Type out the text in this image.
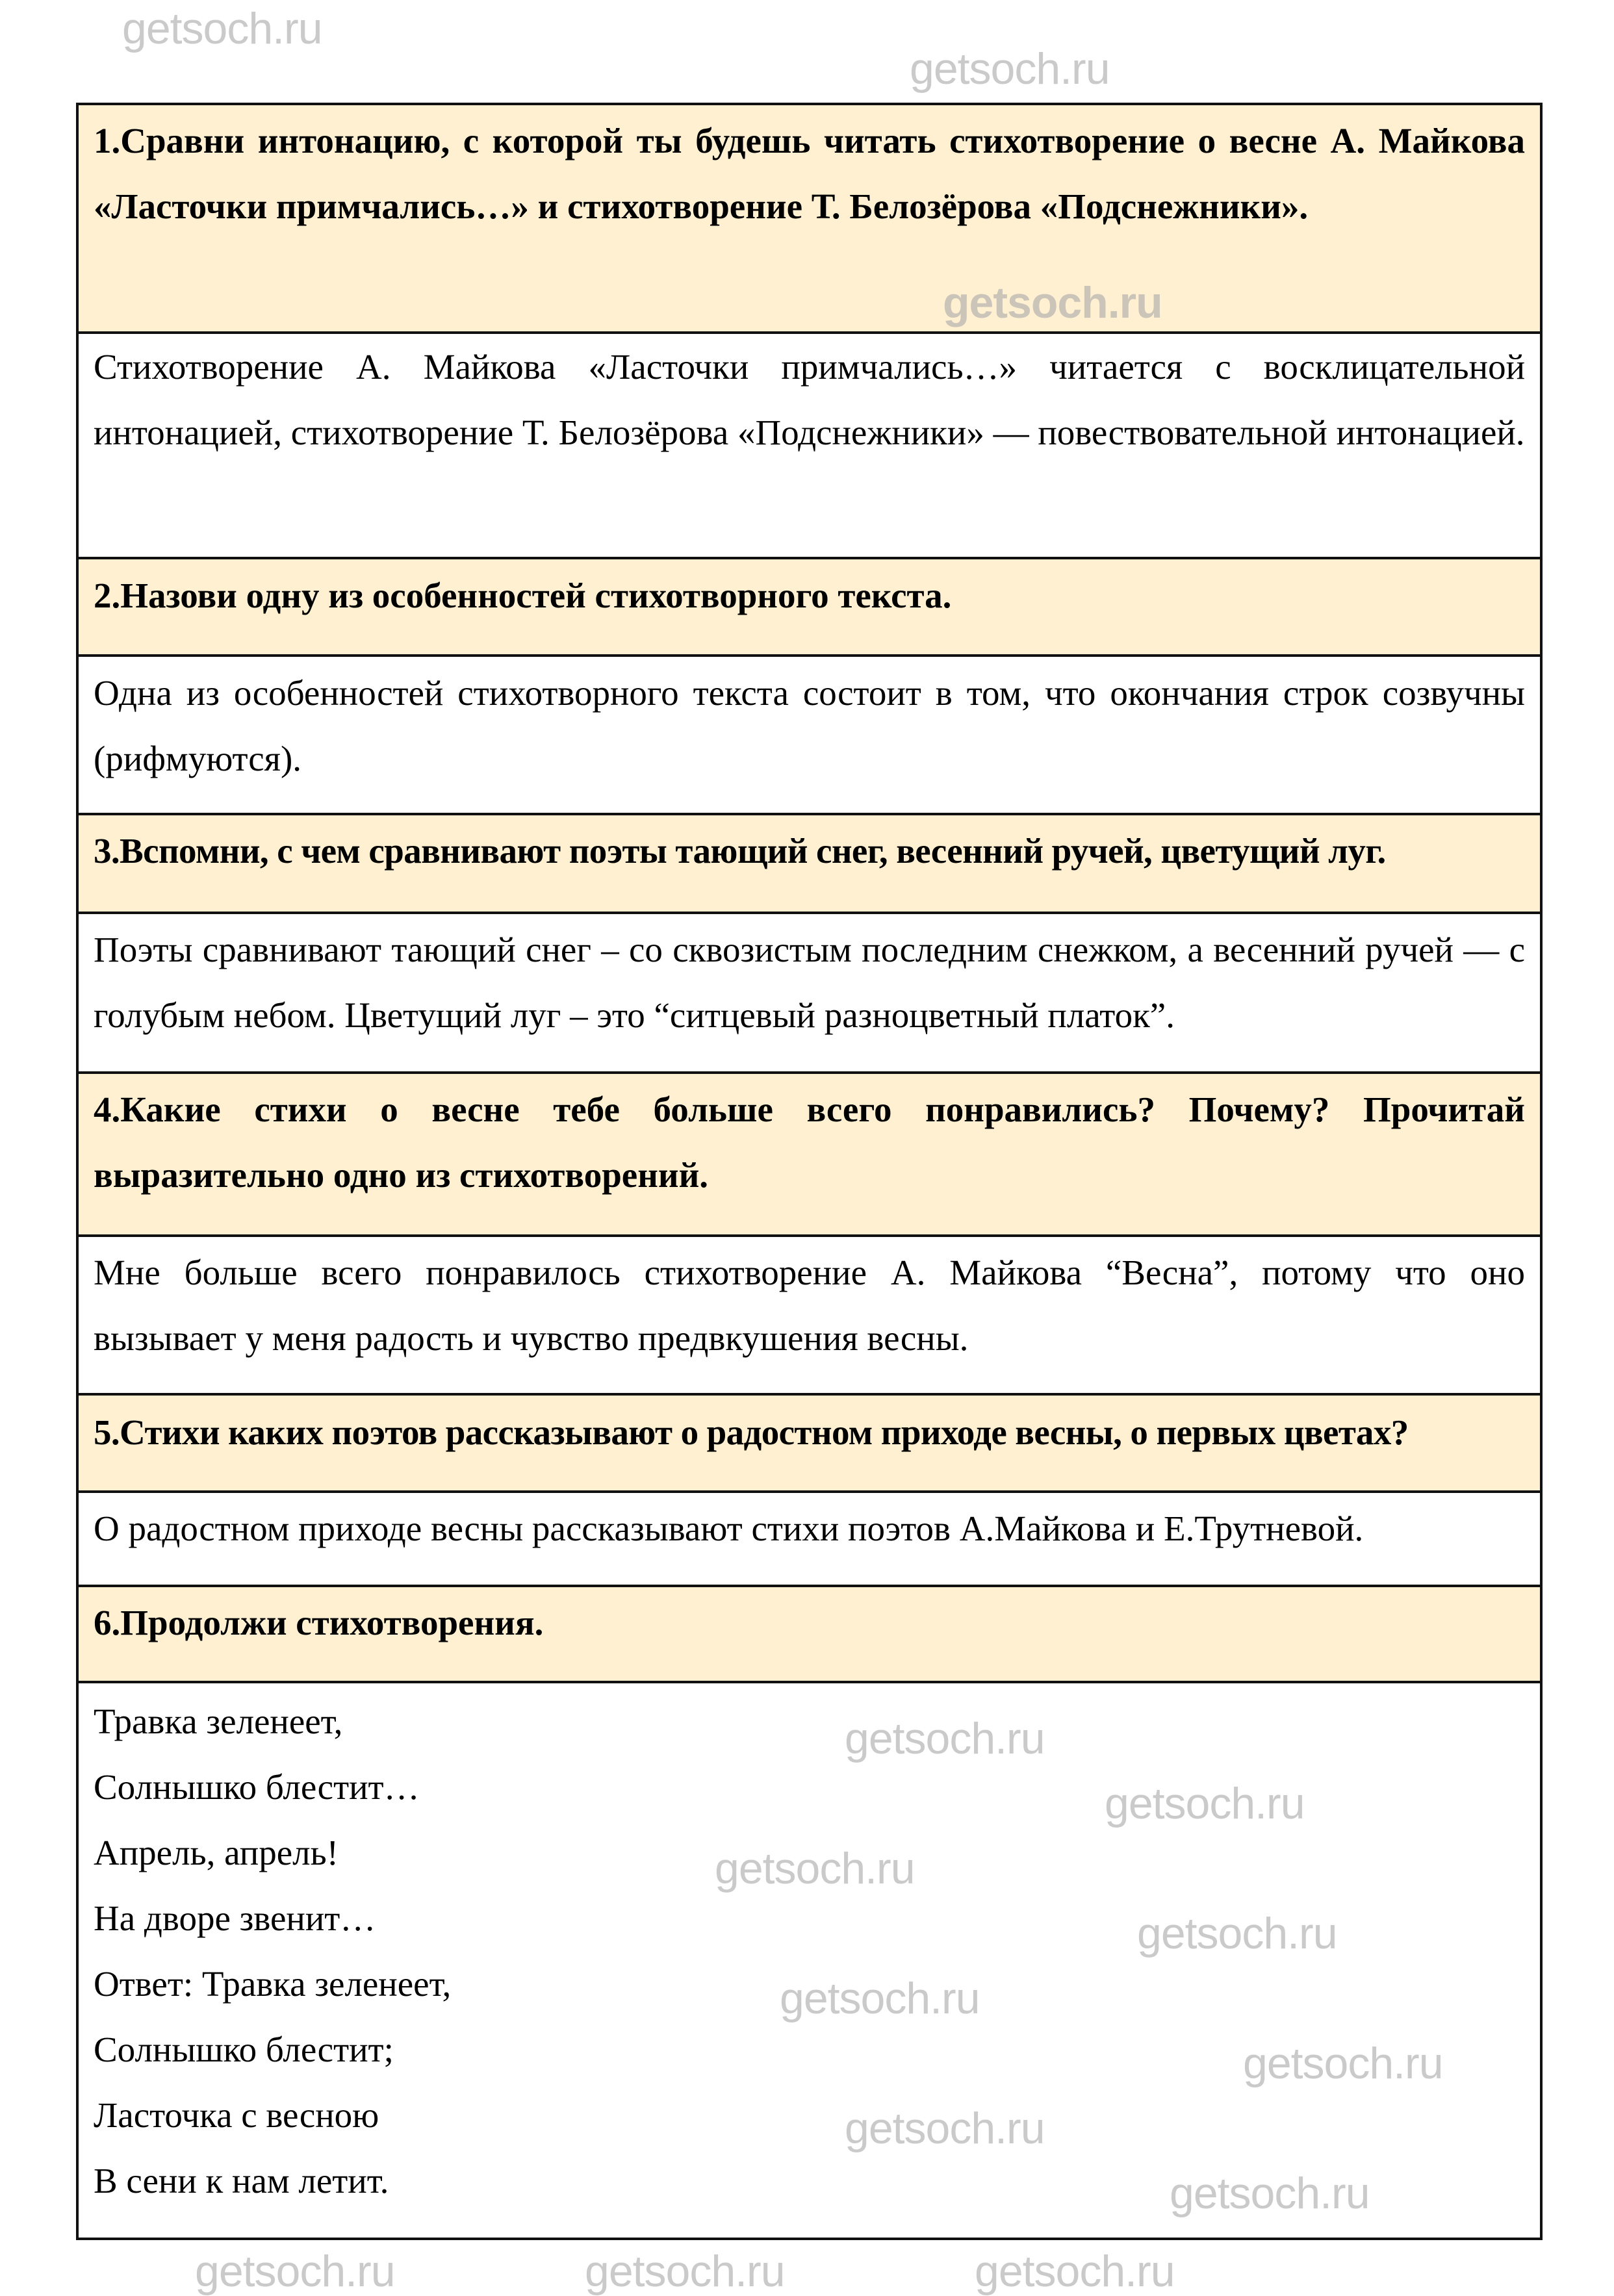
1.Сравни интонацию, с которой ты будешь читать стихотворение о весне А. Майкова «Ласточки примчались…» и стихотворение Т. Белозёрова «Подснежники».

getsoch.ru

Стихотворение А. Майкова «Ласточки примчались…» читается с восклицательной интонацией, стихотворение Т. Белозёрова «Подснежники» — повествовательной интонацией.

2.Назови одну из особенностей стихотворного текста.

Одна из особенностей стихотворного текста состоит в том, что окончания строк созвучны (рифмуются).

3.Вспомни, с чем сравнивают поэты тающий снег, весенний ручей, цветущий луг.

Поэты сравнивают тающий снег – со сквозистым последним снежком, а весенний ручей — с голубым небом. Цветущий луг – это “ситцевый разноцветный платок”.

4.Какие стихи о весне тебе больше всего понравились? Почему? Прочитай выразительно одно из стихотворений.

Мне больше всего понравилось стихотворение А. Майкова “Весна”, потому что оно вызывает у меня радость и чувство предвкушения весны.

5.Стихи каких поэтов рассказывают о радостном приходе весны, о первых цветах?

О радостном приходе весны рассказывают стихи поэтов А.Майкова и Е.Трутневой.

6.Продолжи стихотворения.

Травка зеленеет,
Солнышко блестит…
Апрель, апрель!
На дворе звенит…
Ответ: Травка зеленеет,
Солнышко блестит;
Ласточка с весною
В сени к нам летит.
getsoch.ru
getsoch.ru
getsoch.ru
getsoch.ru
getsoch.ru
getsoch.ru
getsoch.ru
getsoch.ru
getsoch.ru
getsoch.ru
getsoch.ru	getsoch.ru	getsoch.ru
